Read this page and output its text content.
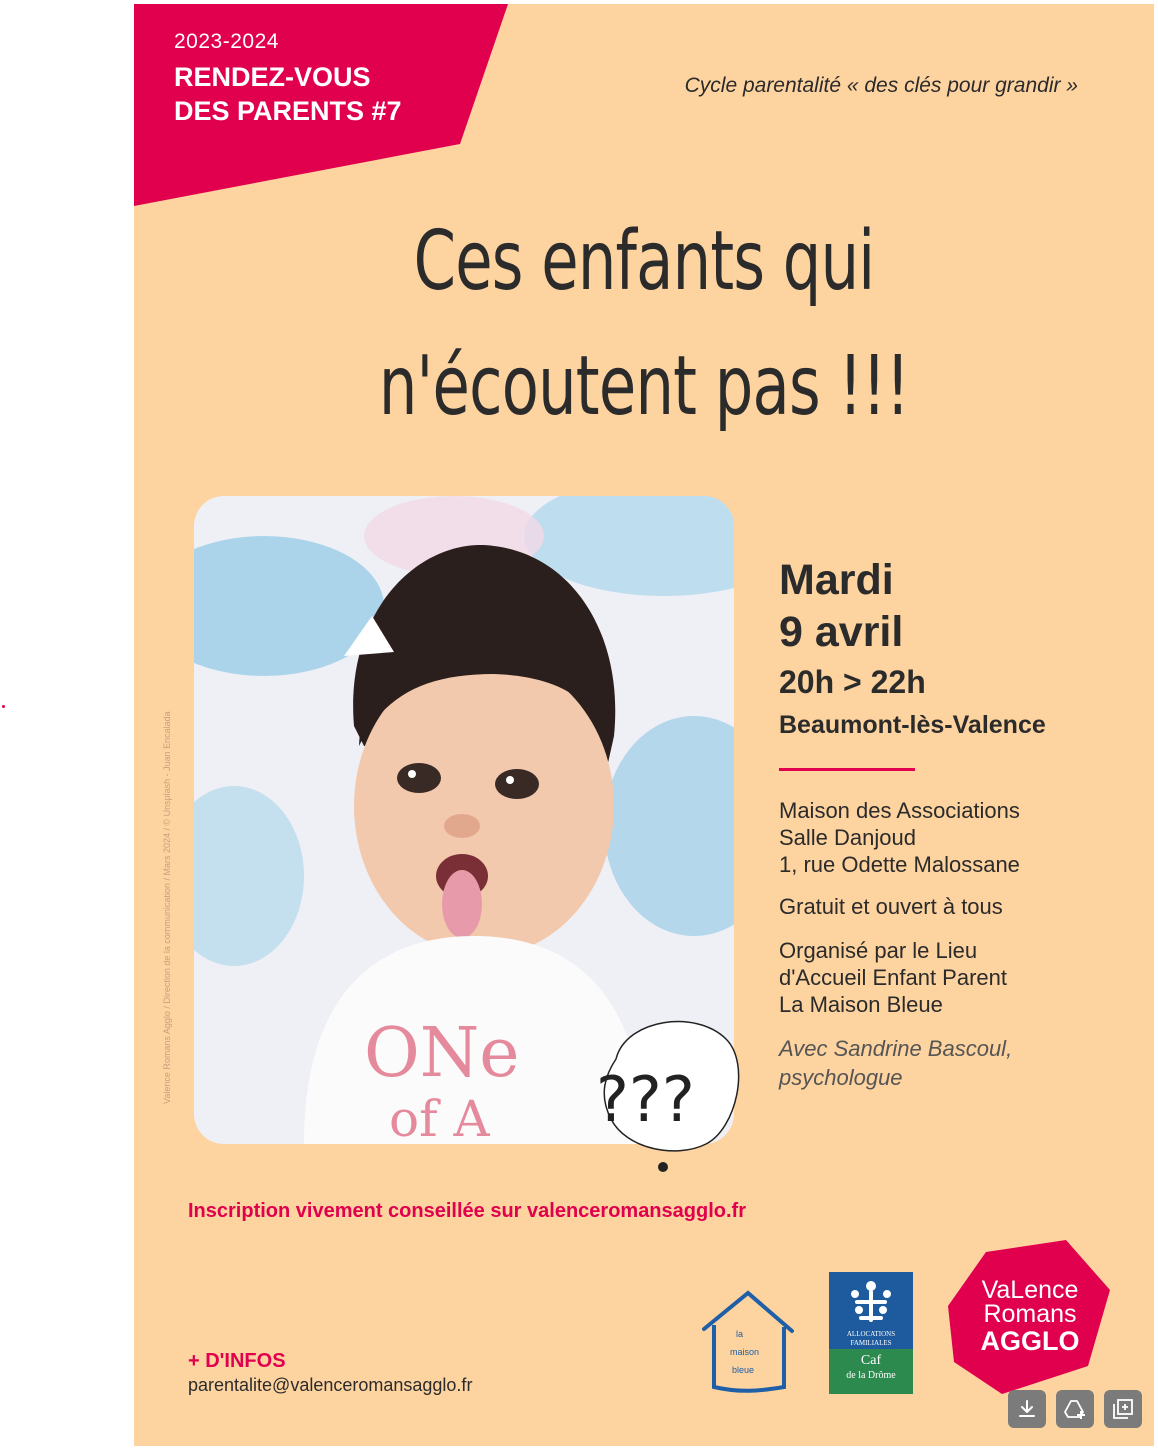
2023-2024
RENDEZ-VOUS
DES PARENTS #7
Cycle parentalité « des clés pour grandir »
Ces enfants qui
n'écoutent pas !!!
Valence Romans Agglo / Direction de la communication / Mars 2024 / © Unsplash - Juan Encalada	ONe
of A ???
Mardi
9 avril
20h > 22h
Beaumont-lès-Valence
Maison des Associations
Salle Danjoud
1, rue Odette Malossane
Gratuit et ouvert à tous
Organisé par le Lieu
d'Accueil Enfant Parent
La Maison Bleue
Avec Sandrine Bascoul,
psychologue
Inscription vivement conseillée sur valenceromansagglo.fr
+ D'INFOS
parentalite@valenceromansagglo.fr
la
maison
bleue
ALLOCATIONS
FAMILIALES
Caf
de la Drôme
VaLence
Romans
AGGLO
